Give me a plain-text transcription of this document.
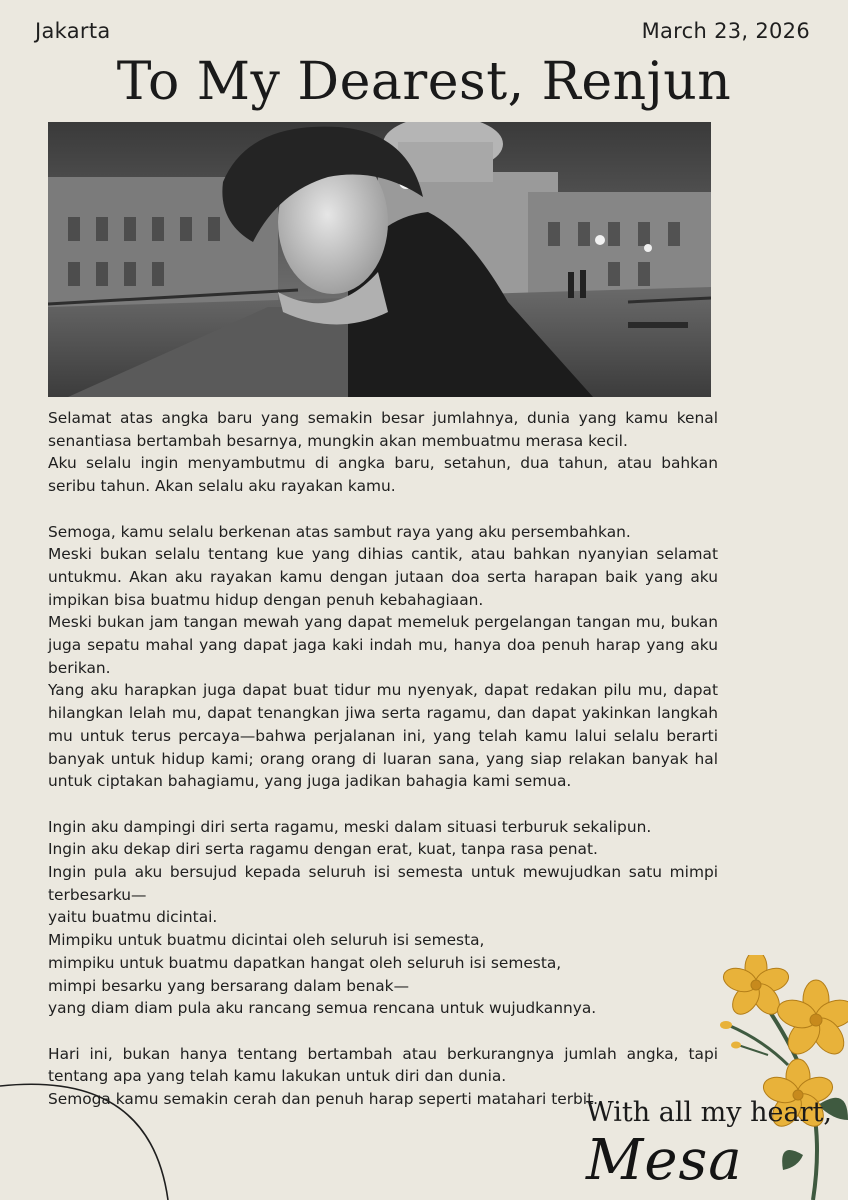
Jakarta	March 23, 2026
To My Dearest, Renjun

Selamat atas angka baru yang semakin besar jumlahnya, dunia yang kamu kenal senantiasa bertambah besarnya, mungkin akan membuatmu merasa kecil.

Aku selalu ingin menyambutmu di angka baru, setahun, dua tahun, atau bahkan seribu tahun. Akan selalu aku rayakan kamu.

Semoga, kamu selalu berkenan atas sambut raya yang aku persembahkan.

Meski bukan selalu tentang kue yang dihias cantik, atau bahkan nyanyian selamat untukmu. Akan aku rayakan kamu dengan jutaan doa serta harapan baik yang aku impikan bisa buatmu hidup dengan penuh kebahagiaan.

Meski bukan jam tangan mewah yang dapat memeluk pergelangan tangan mu, bukan juga sepatu mahal yang dapat jaga kaki indah mu, hanya doa penuh harap yang aku berikan.

Yang aku harapkan juga dapat buat tidur mu nyenyak, dapat redakan pilu mu, dapat hilangkan lelah mu, dapat tenangkan jiwa serta ragamu, dan dapat yakinkan langkah mu untuk terus percaya—bahwa perjalanan ini, yang telah kamu lalui selalu berarti banyak untuk hidup kami; orang orang di luaran sana, yang siap relakan banyak hal untuk ciptakan bahagiamu, yang juga jadikan bahagia kami semua.

Ingin aku dampingi diri serta ragamu, meski dalam situasi terburuk sekalipun.

Ingin aku dekap diri serta ragamu dengan erat, kuat, tanpa rasa penat.

Ingin pula aku bersujud kepada seluruh isi semesta untuk mewujudkan satu mimpi terbesarku—

yaitu buatmu dicintai.

Mimpiku untuk buatmu dicintai oleh seluruh isi semesta,

mimpiku untuk buatmu dapatkan hangat oleh seluruh isi semesta,

mimpi besarku yang bersarang dalam benak—

yang diam diam pula aku rancang semua rencana untuk wujudkannya.

Hari ini, bukan hanya tentang bertambah atau berkurangnya jumlah angka, tapi tentang apa yang telah kamu lakukan untuk diri dan dunia.

Semoga kamu semakin cerah dan penuh harap seperti matahari terbit.

With all my heart,
Mesa
